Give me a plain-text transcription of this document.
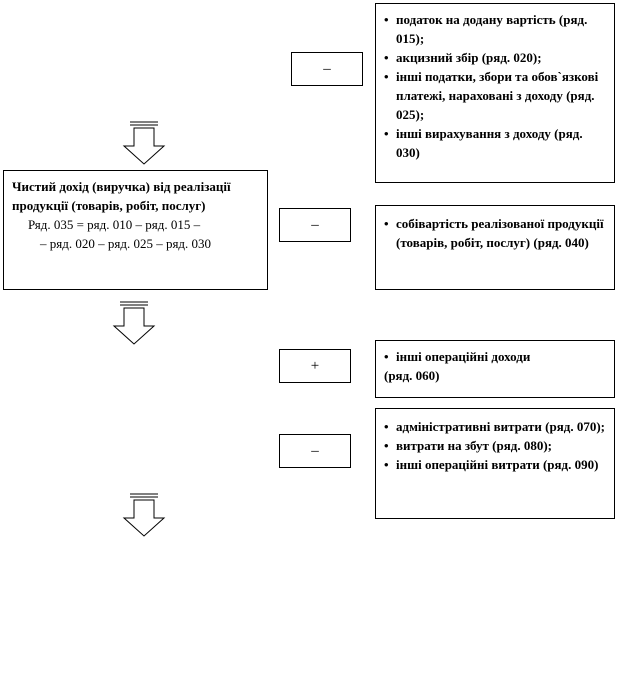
–
• податок на додану вартість (ряд. 015);
• акцизний збір (ряд. 020);
• інші податки, збори та обов`язкові платежі, нараховані з доходу (ряд. 025);
• інші вирахування з доходу (ряд. 030)
Чистий дохід (виручка) від реалізації продукції (товарів, робіт, послуг)
Ряд. 035 = ряд. 010 – ряд. 015 –
– ряд. 020 – ряд. 025 – ряд. 030
–
•	собівартість реалізованої продукції (товарів, робіт, послуг) (ряд. 040)
+
• інші операційні доходи
(ряд. 060)
–
• адміністративні витрати (ряд. 070);
• витрати на збут (ряд. 080);
• інші операційні витрати (ряд. 090)
